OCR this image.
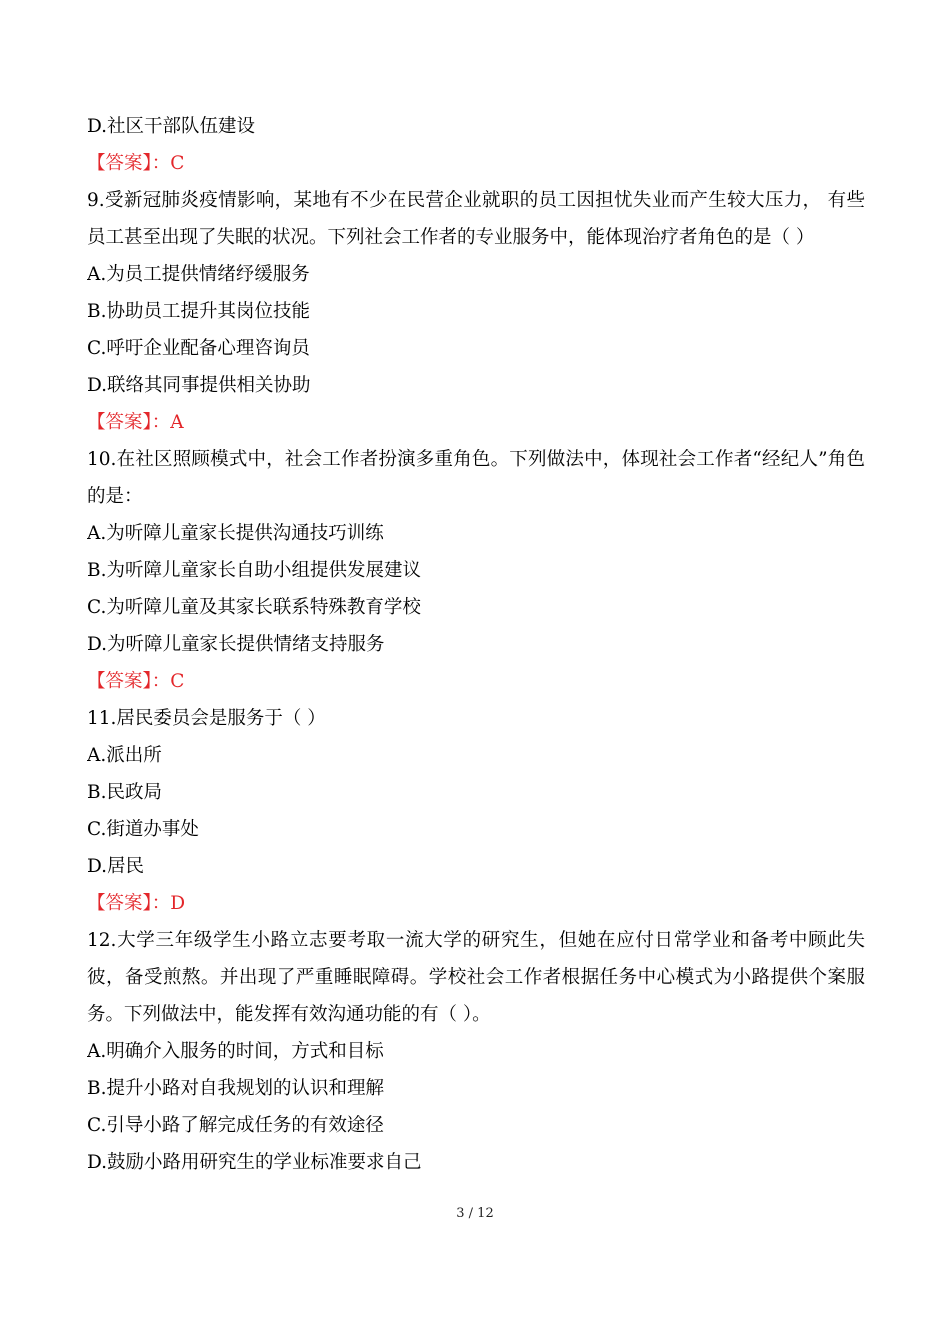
D.社区干部队伍建设
【答案】：C
9.受新冠肺炎疫情影响，某地有不少在民营企业就职的员工因担忧失业而产生较大压力， 有些员工甚至出现了失眠的状况。下列社会工作者的专业服务中，能体现治疗者角色的是（ ）
A.为员工提供情绪纾缓服务
B.协助员工提升其岗位技能
C.呼吁企业配备心理咨询员
D.联络其同事提供相关协助
【答案】：A
10.在社区照顾模式中，社会工作者扮演多重角色。下列做法中，体现社会工作者“经纪人”角色的是：
A.为听障儿童家长提供沟通技巧训练
B.为听障儿童家长自助小组提供发展建议
C.为听障儿童及其家长联系特殊教育学校
D.为听障儿童家长提供情绪支持服务
【答案】：C
11.居民委员会是服务于（ ）
A.派出所
B.民政局
C.街道办事处
D.居民
【答案】：D
12.大学三年级学生小路立志要考取一流大学的研究生，但她在应付日常学业和备考中顾此失彼，备受煎熬。并出现了严重睡眠障碍。学校社会工作者根据任务中心模式为小路提供个案服务。下列做法中，能发挥有效沟通功能的有（ ）。
A.明确介入服务的时间，方式和目标
B.提升小路对自我规划的认识和理解
C.引导小路了解完成任务的有效途径
D.鼓励小路用研究生的学业标准要求自己
3 / 12
